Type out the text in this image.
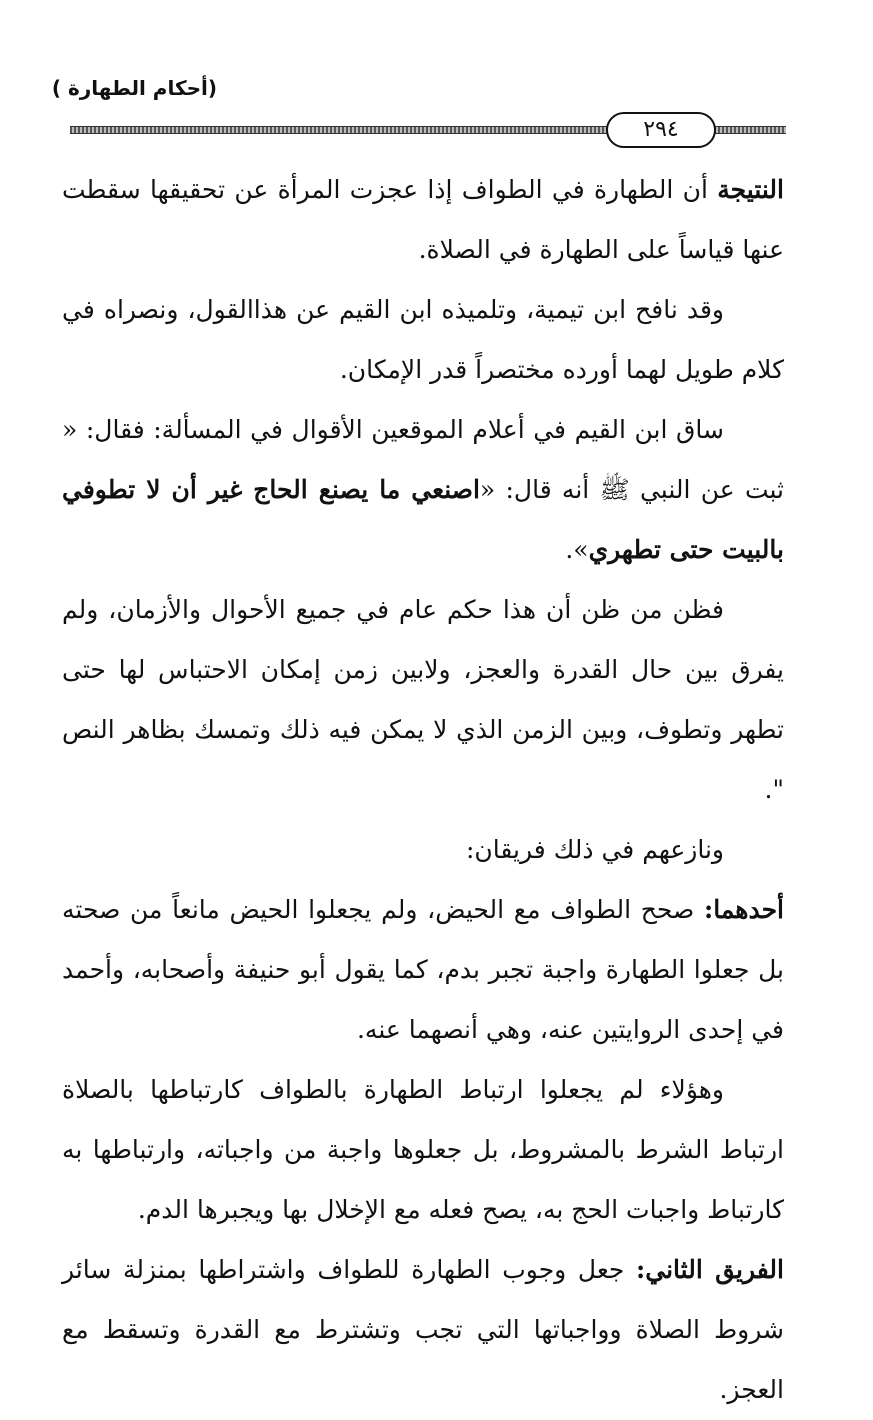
(أحكام الطهارة )
٢٩٤

النتيجة أن الطهارة في الطواف إذا عجزت المرأة عن تحقيقها سقطت عنها قياساً على الطهارة في الصلاة.

وقد نافح ابن تيمية، وتلميذه ابن القيم عن هذاالقول، ونصراه في كلام طويل لهما أورده مختصراً قدر الإمكان.

ساق ابن القيم في أعلام الموقعين الأقوال في المسألة: فقال: « ثبت عن النبي ﷺ أنه قال: «اصنعي ما يصنع الحاج غير أن لا تطوفي بالبيت حتى تطهري».

فظن من ظن أن هذا حكم عام في جميع الأحوال والأزمان، ولم يفرق بين حال القدرة والعجز، ولابين زمن إمكان الاحتباس لها حتى تطهر وتطوف، وبين الزمن الذي لا يمكن فيه ذلك وتمسك بظاهر النص ".

ونازعهم في ذلك فريقان:

أحدهما: صحح الطواف مع الحيض، ولم يجعلوا الحيض مانعاً من صحته بل جعلوا الطهارة واجبة تجبر بدم، كما يقول أبو حنيفة وأصحابه، وأحمد في إحدى الروايتين عنه، وهي أنصهما عنه.

وهؤلاء لم يجعلوا ارتباط الطهارة بالطواف كارتباطها بالصلاة ارتباط الشرط بالمشروط، بل جعلوها واجبة من واجباته، وارتباطها به كارتباط واجبات الحج به، يصح فعله مع الإخلال بها ويجبرها الدم.

الفريق الثاني: جعل وجوب الطهارة للطواف واشتراطها بمنزلة سائر شروط الصلاة وواجباتها التي تجب وتشترط مع القدرة وتسقط مع العجز.
